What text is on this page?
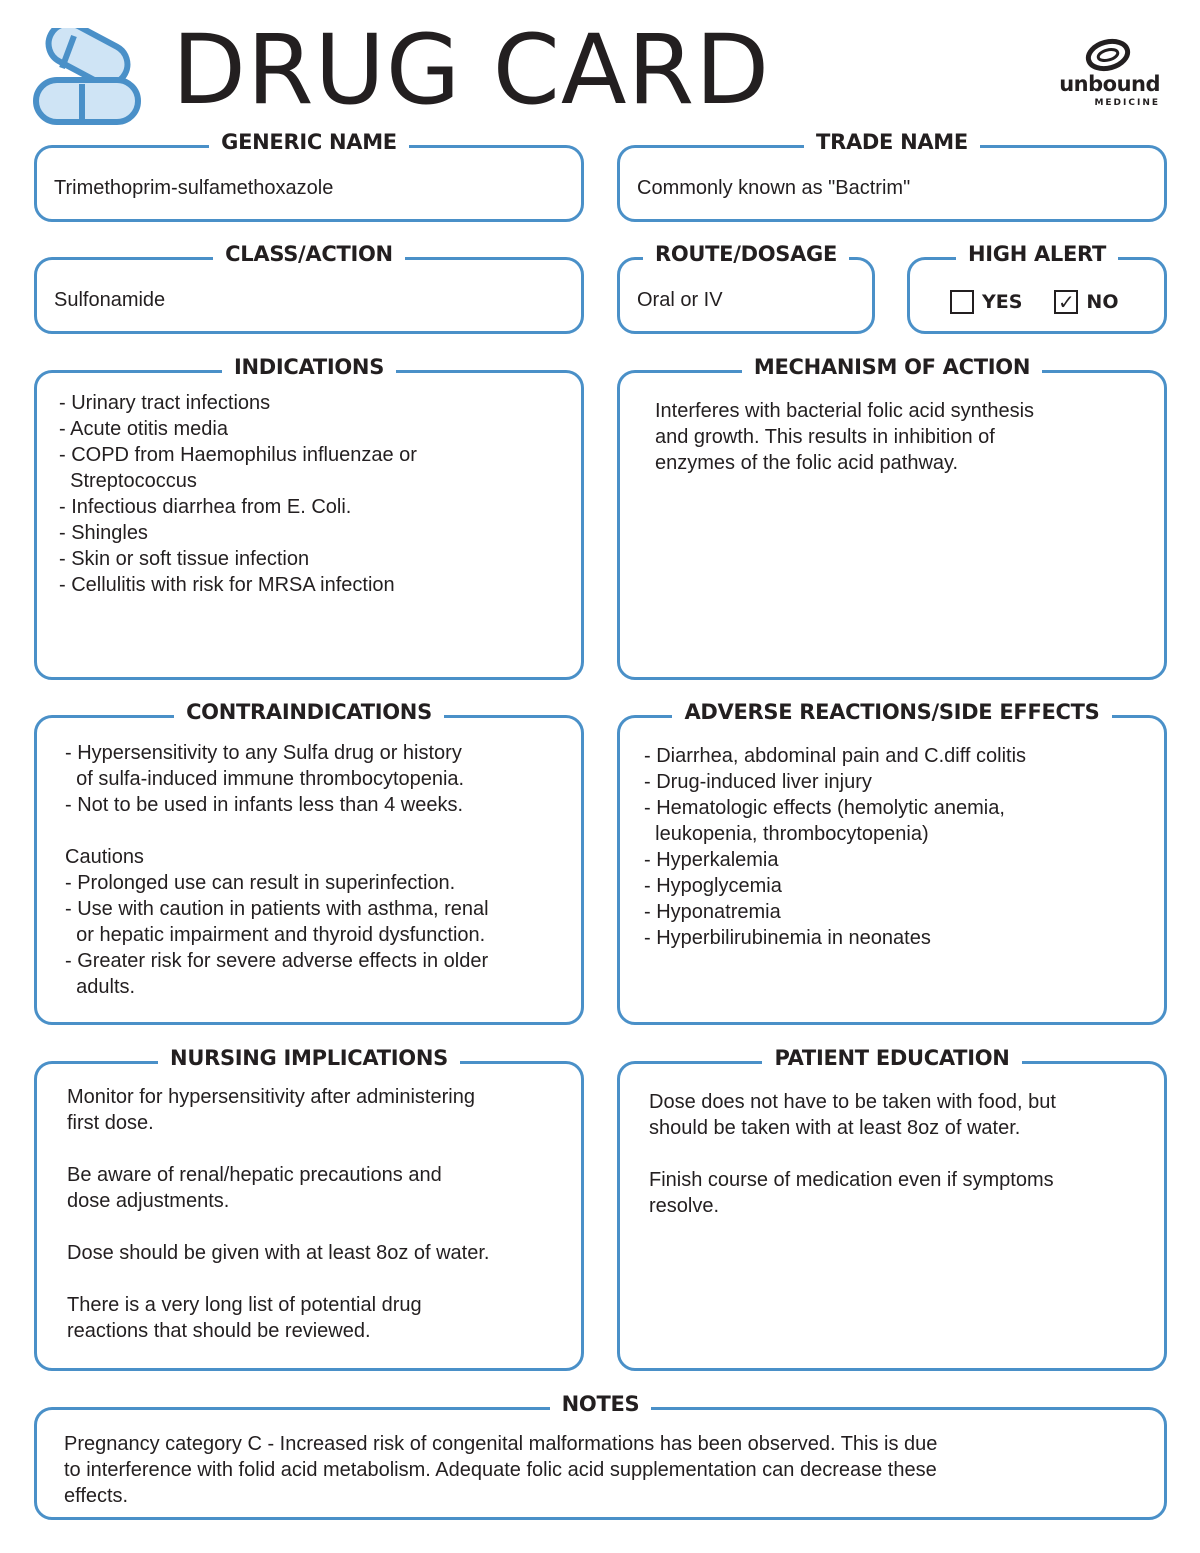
DRUG CARD	unbound
MEDICINE
GENERIC NAME
Trimethoprim-sulfamethoxazole
TRADE NAME
Commonly known as "Bactrim"
CLASS/ACTION
Sulfonamide
ROUTE/DOSAGE
Oral or IV
HIGH ALERT
YES ✓ NO
INDICATIONS
- Urinary tract infections
- Acute otitis media
- COPD from Haemophilus influenzae or
Streptococcus
- Infectious diarrhea from E. Coli.
- Shingles
- Skin or soft tissue infection
- Cellulitis with risk for MRSA infection
MECHANISM OF ACTION
Interferes with bacterial folic acid synthesis
and growth. This results in inhibition of
enzymes of the folic acid pathway.
CONTRAINDICATIONS
- Hypersensitivity to any Sulfa drug or history
of sulfa-induced immune thrombocytopenia.
- Not to be used in infants less than 4 weeks.

Cautions
- Prolonged use can result in superinfection.
- Use with caution in patients with asthma, renal
or hepatic impairment and thyroid dysfunction.
- Greater risk for severe adverse effects in older
adults.
ADVERSE REACTIONS/SIDE EFFECTS
- Diarrhea, abdominal pain and C.diff colitis
- Drug-induced liver injury
- Hematologic effects (hemolytic anemia,
leukopenia, thrombocytopenia)
- Hyperkalemia
- Hypoglycemia
- Hyponatremia
- Hyperbilirubinemia in neonates
NURSING IMPLICATIONS
Monitor for hypersensitivity after administering
first dose.

Be aware of renal/hepatic precautions and
dose adjustments.

Dose should be given with at least 8oz of water.

There is a very long list of potential drug
reactions that should be reviewed.
PATIENT EDUCATION
Dose does not have to be taken with food, but
should be taken with at least 8oz of water.

Finish course of medication even if symptoms
resolve.
NOTES
Pregnancy category C - Increased risk of congenital malformations has been observed. This is due
to interference with folid acid metabolism. Adequate folic acid supplementation can decrease these
effects.
